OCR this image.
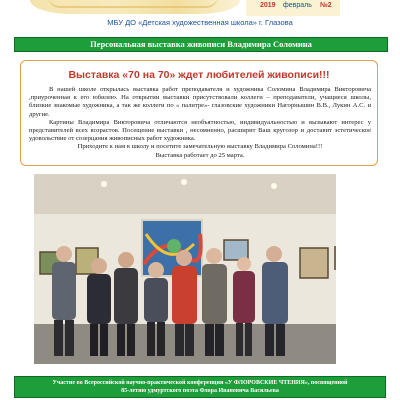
2019 февраль №2
МБУ ДО «Детская художественная школа» г. Глазова
Персональная выставка живописи Владимира Соломина
Выставка «70 на 70» ждет любителей живописи!!!

В нашей школе открылась выставка работ преподавателя и художника Соломина Владимира Викторовича ,приуроченная к его юбилею. На открытии выставки присутствовали коллеги – преподаватели, учащиеся школы, близкие знакомые художника, а так же коллеги по « палитре»- глазовские художники Нагорнышин В.В., Лукин А.С. и другие.

Картины Владимира Викторовича отличаются необъятностью, индивидуальностью и вызывают интерес у представителей всех возрастов. Посещение выставки , несомненно, расширит Ваш кругозор и доставит эстетическое удовольствие от созерцания живописных работ художника.

Приходите к нам в школу и посетите замечательную выставку Владимира Соломина!!!

Выставка работает до 25 марта.

Участие во Всероссийской научно-практической конференции «У ФЛОРОВСКИЕ ЧТЕНИЯ», посвященной
85-летию удмуртского поэта Флора Ивановича Васильева
